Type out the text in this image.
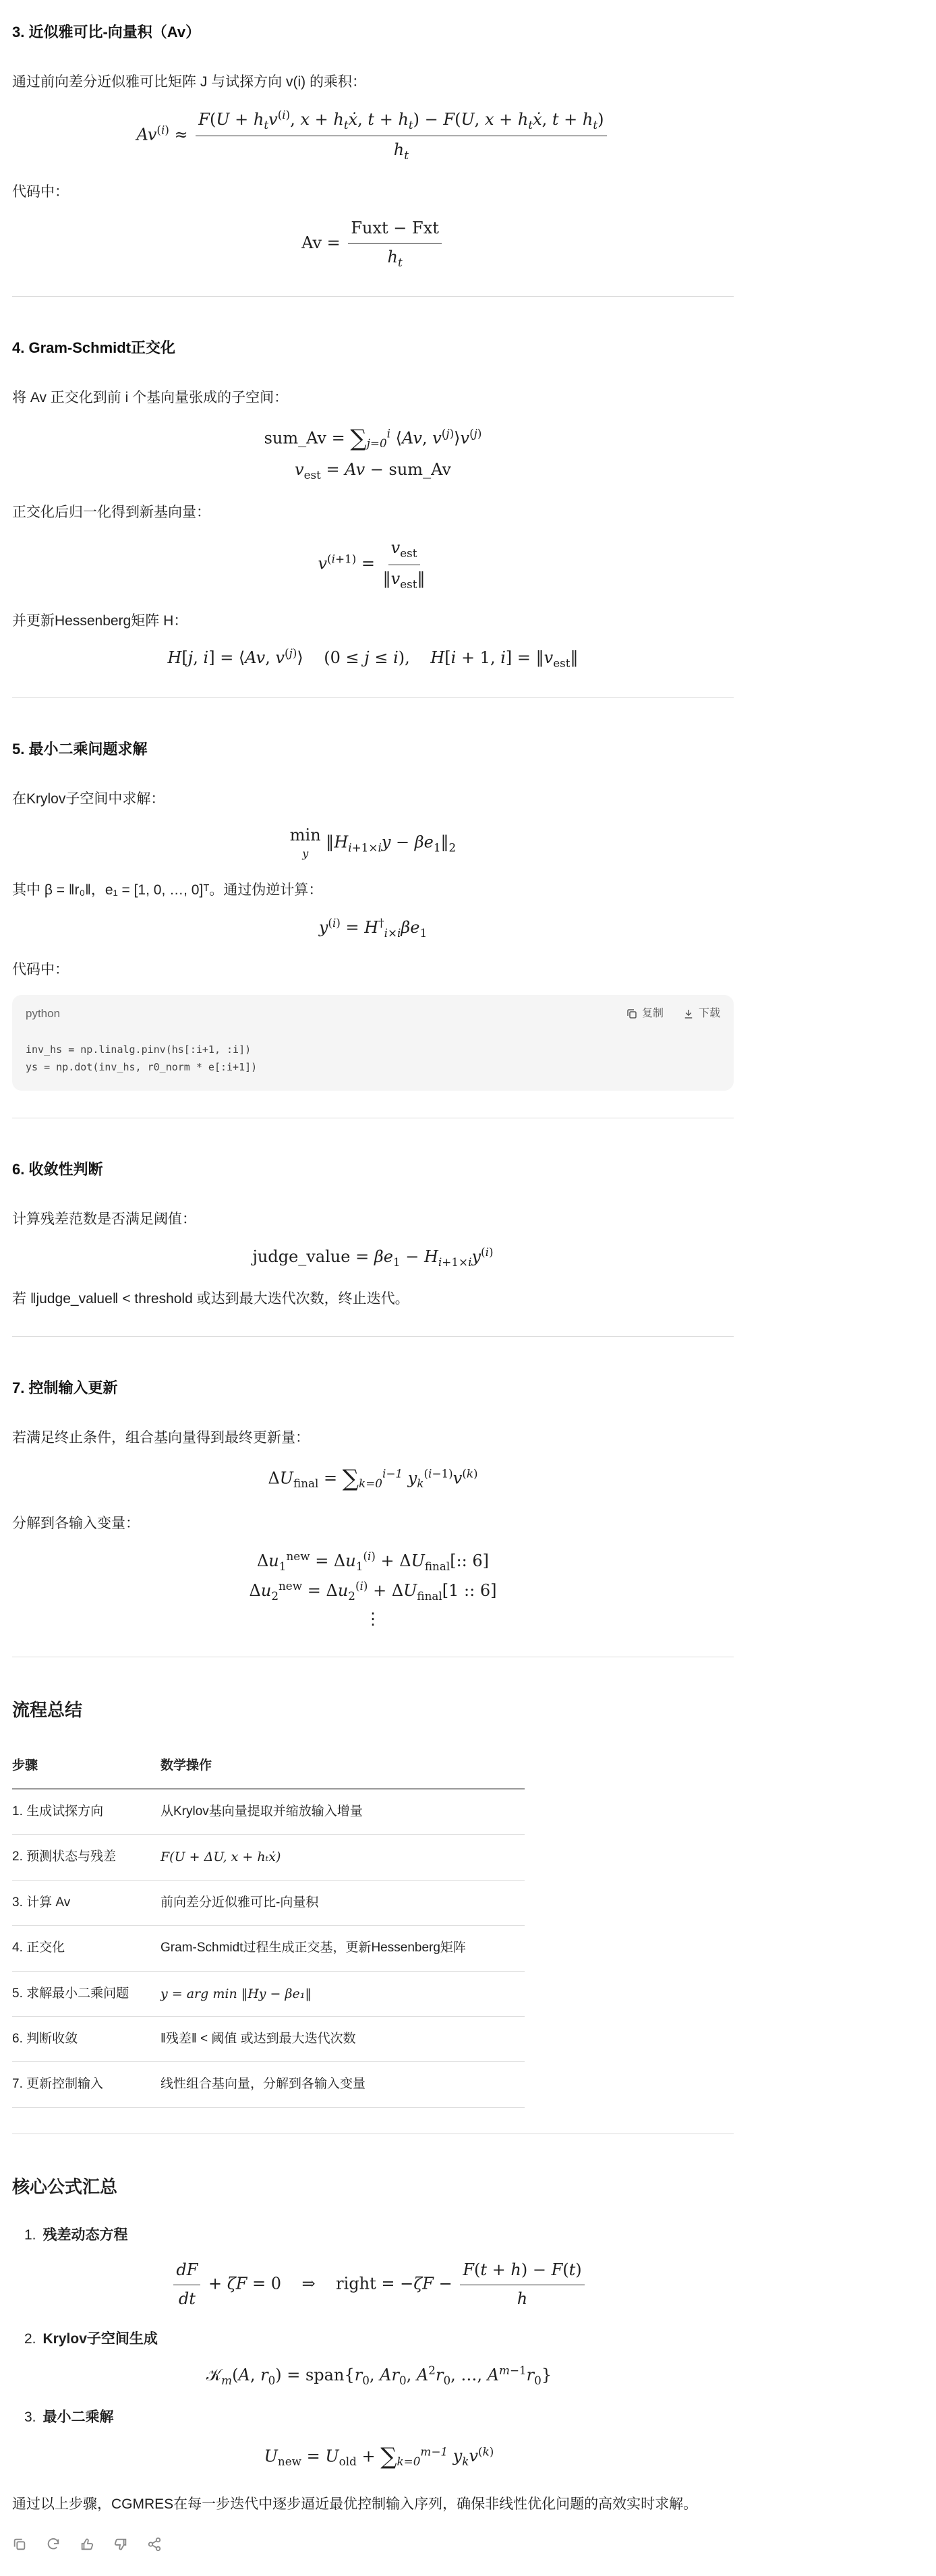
3. 近似雅可比-向量积（Av）

通过前向差分近似雅可比矩阵 J 与试探方向 v(i) 的乘积：

$Av^{(i)} \approx \frac{F(U + h_tv^{(i)}, x + h_tẋ, t + h_t) - F(U, x + h_tẋ, t + h_t)}{h_t}$

代码中：

$Av = \frac{\text{Fuxt − Fxt}}{h_t}$
4. Gram-Schmidt正交化

将 Av 正交化到前 i 个基向量张成的子空间：

sum_Av = $\sum_{j=0}^i$ ⟨Av, $v^{(j)}⟩v^{(j)}$
$v_{est} = Av$ − sum_Av

正交化后归一化得到新基向量：

$v^{(i+1)} = \frac{v_{est}}{‖v_{est}‖}$

并更新Hessenberg矩阵 H：

H[j, i] = ⟨Av, $v^{(j)}⟩$    (0 ≤ j ≤ i),    H[i + 1, $i] = ‖v_{est}‖$
5. 最小二乘问题求解

在Krylov子空间中求解：

min
y
$‖H_{i+1\times i}y$ − $\beta e_1‖_2$

其中 β = ‖r₀‖，e₁ = [1, 0, …, 0]ᵀ。通过伪逆计算：

$y^{(i)} = H^\dagger_{i\times i}\beta e_1$

代码中：

python	复制	下载
inv_hs = np.linalg.pinv(hs[:i+1, :i])
ys = np.dot(inv_hs, r0_norm * e[:i+1])
6. 收敛性判断

计算残差范数是否满足阈值：

judge_value = $\beta e_1 - H_{i+1\times i}y^{(i)}$

若 ‖judge_value‖ < threshold 或达到最大迭代次数，终止迭代。

7. 控制输入更新

若满足终止条件，组合基向量得到最终更新量：

$\Delta U_{final} = \sum_{k=0}^{i-1}$ $y_k^{(i-1)}v^{(k)}$

分解到各输入变量：

$\Delta u_1^{new} = \Delta u_1^{(i)} + \Delta U_{final}$[:: 6]
$\Delta u_2^{new} = \Delta u_2^{(i)} + \Delta U_{final}[1$ :: 6]
⋮
流程总结
步骤	数学操作
1. 生成试探方向	从Krylov基向量提取并缩放输入增量
2. 预测状态与残差	F(U + ΔU, x + hₜẋ)
3. 计算 Av	前向差分近似雅可比-向量积
4. 正交化	Gram-Schmidt过程生成正交基，更新Hessenberg矩阵
5. 求解最小二乘问题	y = arg min ‖Hy − βe₁‖
6. 判断收敛	‖残差‖ < 阈值 或达到最大迭代次数
7. 更新控制输入	线性组合基向量，分解到各输入变量
核心公式汇总
1. 残差动态方程
$\frac{dF}{dt} + \zeta F = 0$    ⇒    right = $-\zeta F - \frac{F(t + h) - F(t)}{h}$
2. Krylov子空间生成
𝒦$_m$(A, $r_0$) = $span\{r_0$, $Ar_0$, $A^2r_0$, …, $A^{m-1}r_0$}
3. 最小二乘解
$U_{new} = U_{old} + \sum_{k=0}^{m-1}$ $y_kv^{(k)}$

通过以上步骤，CGMRES在每一步迭代中逐步逼近最优控制输入序列，确保非线性优化问题的高效实时求解。
